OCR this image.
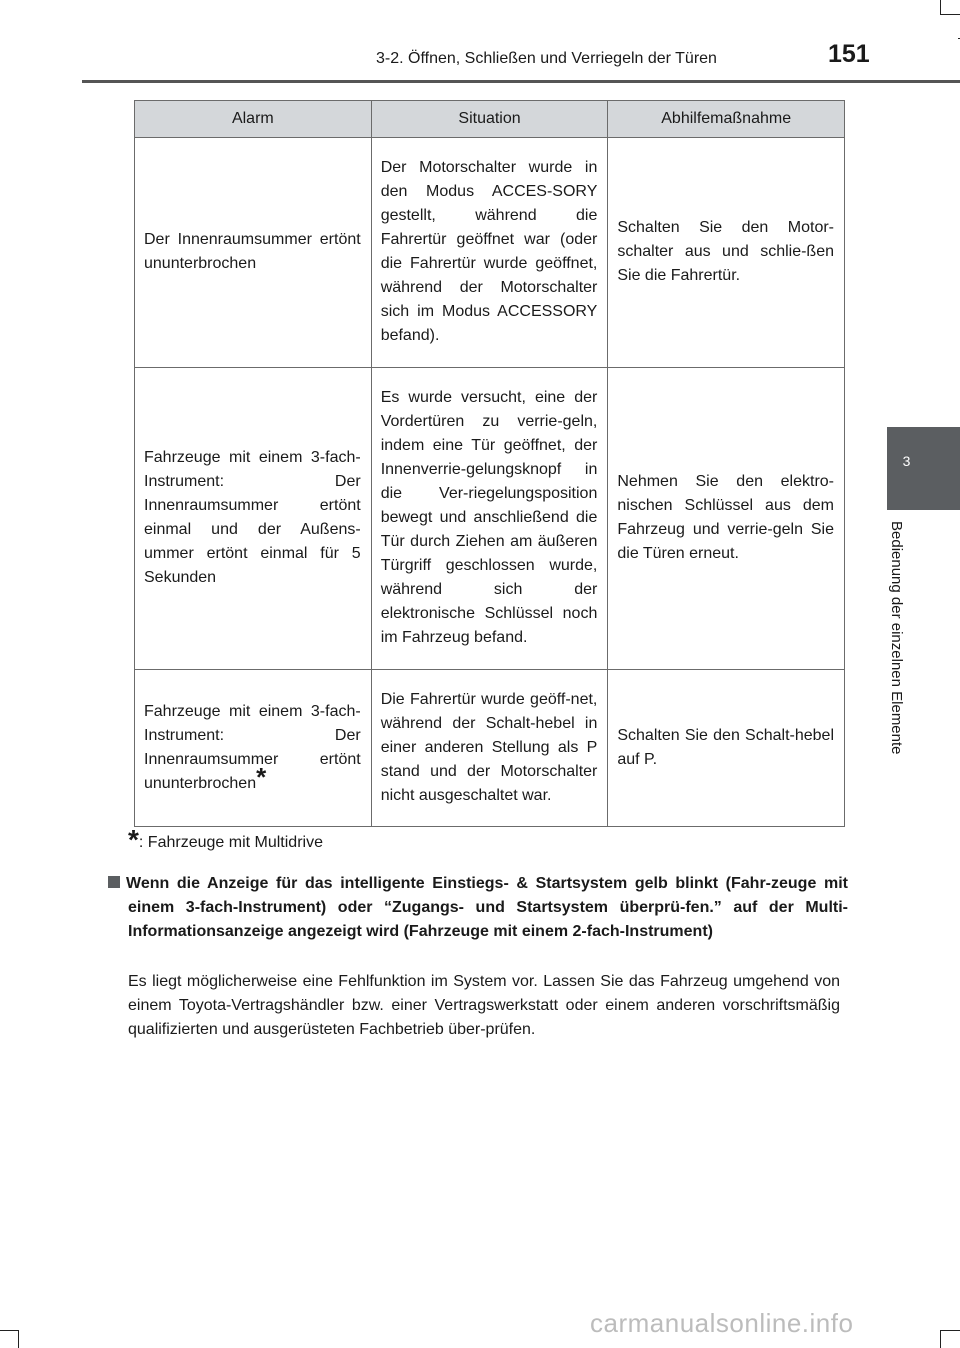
3-2. Öffnen, Schließen und Verriegeln der Türen	151
3
Bedienung der einzelnen Elemente
Alarm	Situation	Abhilfemaßnahme
Der Innenraumsummer ertönt ununterbrochen	Der Motorschalter wurde in den Modus ACCES-SORY gestellt, während die Fahrertür geöffnet war (oder die Fahrertür wurde geöffnet, während der Motorschalter sich im Modus ACCESSORY befand).	Schalten Sie den Motor-schalter aus und schlie-ßen Sie die Fahrertür.
Fahrzeuge mit einem 3-fach-Instrument: Der Innenraumsummer ertönt einmal und der Außens-ummer ertönt einmal für 5 Sekunden	Es wurde versucht, eine der Vordertüren zu verrie-geln, indem eine Tür geöffnet, der Innenverrie-gelungsknopf in die Ver-riegelungsposition bewegt und anschließend die Tür durch Ziehen am äußeren Türgriff geschlossen wurde, während sich der elektronische Schlüssel noch im Fahrzeug befand.	Nehmen Sie den elektro-nischen Schlüssel aus dem Fahrzeug und verrie-geln Sie die Türen erneut.
Fahrzeuge mit einem 3-fach-Instrument: Der Innenraumsummer ertönt ununterbrochen*	Die Fahrertür wurde geöff-net, während der Schalt-hebel in einer anderen Stellung als P stand und der Motorschalter nicht ausgeschaltet war.	Schalten Sie den Schalt-hebel auf P.
*: Fahrzeuge mit Multidrive
Wenn die Anzeige für das intelligente Einstiegs- & Startsystem gelb blinkt (Fahr-zeuge mit einem 3-fach-Instrument) oder “Zugangs- und Startsystem überprü-fen.” auf der Multi-Informationsanzeige angezeigt wird (Fahrzeuge mit einem 2-fach-Instrument)
Es liegt möglicherweise eine Fehlfunktion im System vor. Lassen Sie das Fahrzeug umgehend von einem Toyota-Vertragshändler bzw. einer Vertragswerkstatt oder einem anderen vorschriftsmäßig qualifizierten und ausgerüsteten Fachbetrieb über-prüfen.
carmanualsonline.info
